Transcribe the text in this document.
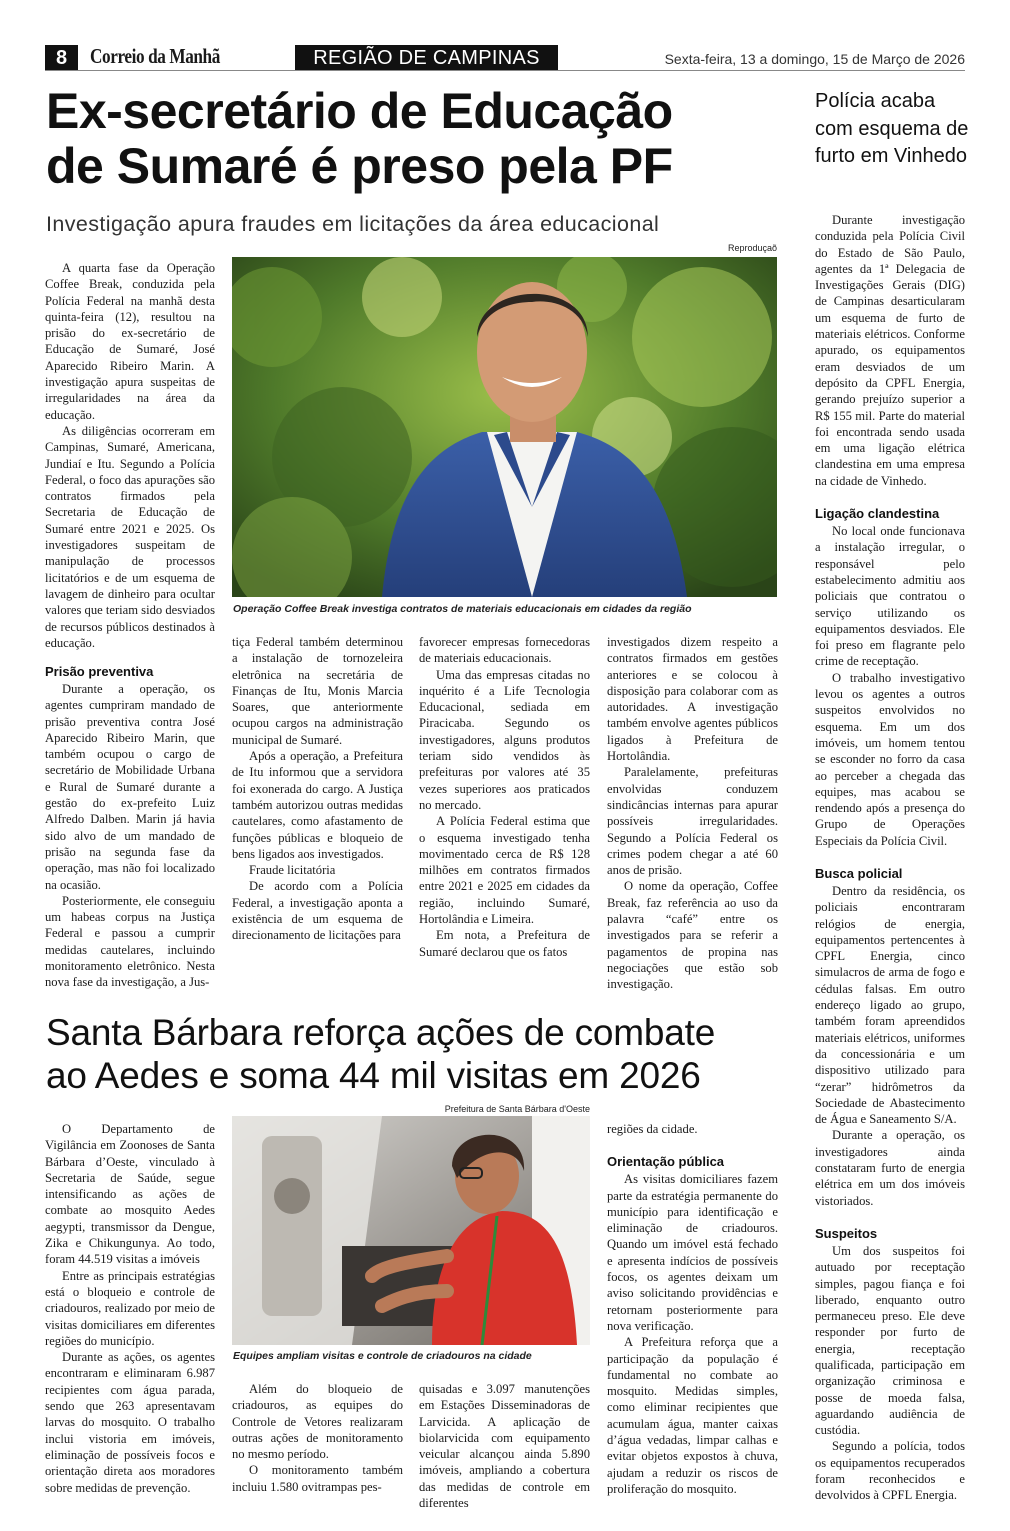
8	Correio da Manhã	REGIÃO DE CAMPINAS	Sexta-feira, 13 a domingo, 15 de Março de 2026
Ex-secretário de Educação
de Sumaré é preso pela PF
Investigação apura fraudes em licitações da área educacional
Reproduçaõ
Operação Coffee Break investiga contratos de materiais educacionais em cidades da região

A quarta fase da Operação Coffee Break, conduzida pela Polícia Federal na manhã desta quinta-feira (12), resultou na prisão do ex-secretário de Educação de Sumaré, José Aparecido Ribeiro Marin. A investigação apura suspeitas de irregularidades na área da educação.

As diligências ocorreram em Campinas, Sumaré, Americana, Jundiaí e Itu. Segundo a Polícia Federal, o foco das apurações são contratos firmados pela Secretaria de Educação de Sumaré entre 2021 e 2025. Os investigadores suspeitam de manipulação de processos licitatórios e de um esquema de lavagem de dinheiro para ocultar valores que teriam sido desviados de recursos públicos destinados à educação.

Prisão preventiva

Durante a operação, os agentes cumpriram mandado de prisão preventiva contra José Aparecido Ribeiro Marin, que também ocupou o cargo de secretário de Mobilidade Urbana e Rural de Sumaré durante a gestão do ex-prefeito Luiz Alfredo Dalben. Marin já havia sido alvo de um mandado de prisão na segunda fase da operação, mas não foi localizado na ocasião.

Posteriormente, ele conseguiu um habeas corpus na Justiça Federal e passou a cumprir medidas cautelares, incluindo monitoramento eletrônico. Nesta nova fase da investigação, a Jus-

tiça Federal também determinou a instalação de tornozeleira eletrônica na secretária de Finanças de Itu, Monis Marcia Soares, que anteriormente ocupou cargos na administração municipal de Sumaré.

Após a operação, a Prefeitura de Itu informou que a servidora foi exonerada do cargo. A Justiça também autorizou outras medidas cautelares, como afastamento de funções públicas e bloqueio de bens ligados aos investigados.

Fraude licitatória

De acordo com a Polícia Federal, a investigação aponta a existência de um esquema de direcionamento de licitações para

favorecer empresas fornecedoras de materiais educacionais.

Uma das empresas citadas no inquérito é a Life Tecnologia Educacional, sediada em Piracicaba. Segundo os investigadores, alguns produtos teriam sido vendidos às prefeituras por valores até 35 vezes superiores aos praticados no mercado.

A Polícia Federal estima que o esquema investigado tenha movimentado cerca de R$ 128 milhões em contratos firmados entre 2021 e 2025 em cidades da região, incluindo Sumaré, Hortolândia e Limeira.

Em nota, a Prefeitura de Sumaré declarou que os fatos

investigados dizem respeito a contratos firmados em gestões anteriores e se colocou à disposição para colaborar com as autoridades. A investigação também envolve agentes públicos ligados à Prefeitura de Hortolândia.

Paralelamente, prefeituras envolvidas conduzem sindicâncias internas para apurar possíveis irregularidades. Segundo a Polícia Federal os crimes podem chegar a até 60 anos de prisão.

O nome da operação, Coffee Break, faz referência ao uso da palavra “café” entre os investigados para se referir a pagamentos de propina nas negociações que estão sob investigação.

Polícia acaba com esquema de furto em Vinhedo

Durante investigação conduzida pela Polícia Civil do Estado de São Paulo, agentes da 1ª Delegacia de Investigações Gerais (DIG) de Campinas desarticularam um esquema de furto de materiais elétricos. Conforme apurado, os equipamentos eram desviados de um depósito da CPFL Energia, gerando prejuízo superior a R$ 155 mil. Parte do material foi encontrada sendo usada em uma ligação elétrica clandestina em uma empresa na cidade de Vinhedo.

Ligação clandestina

No local onde funcionava a instalação irregular, o responsável pelo estabelecimento admitiu aos policiais que contratou o serviço utilizando os equipamentos desviados. Ele foi preso em flagrante pelo crime de receptação.

O trabalho investigativo levou os agentes a outros suspeitos envolvidos no esquema. Em um dos imóveis, um homem tentou se esconder no forro da casa ao perceber a chegada das equipes, mas acabou se rendendo após a presença do Grupo de Operações Especiais da Polícia Civil.

Busca policial

Dentro da residência, os policiais encontraram relógios de energia, equipamentos pertencentes à CPFL Energia, cinco simulacros de arma de fogo e cédulas falsas. Em outro endereço ligado ao grupo, também foram apreendidos materiais elétricos, uniformes da concessionária e um dispositivo utilizado para “zerar” hidrômetros da Sociedade de Abastecimento de Água e Saneamento S/A.

Durante a operação, os investigadores ainda constataram furto de energia elétrica em um dos imóveis vistoriados.

Suspeitos

Um dos suspeitos foi autuado por receptação simples, pagou fiança e foi liberado, enquanto outro permaneceu preso. Ele deve responder por furto de energia, receptação qualificada, participação em organização criminosa e posse de moeda falsa, aguardando audiência de custódia.

Segundo a polícia, todos os equipamentos recuperados foram reconhecidos e devolvidos à CPFL Energia.

Santa Bárbara reforça ações de combate
ao Aedes e soma 44 mil visitas em 2026
Prefeitura de Santa Bárbara d'Oeste
Equipes ampliam visitas e controle de criadouros na cidade

O Departamento de Vigilância em Zoonoses de Santa Bárbara d’Oeste, vinculado à Secretaria de Saúde, segue intensificando as ações de combate ao mosquito Aedes aegypti, transmissor da Dengue, Zika e Chikungunya. Ao todo, foram 44.519 visitas a imóveis

Entre as principais estratégias está o bloqueio e controle de criadouros, realizado por meio de visitas domiciliares em diferentes regiões do município.

Durante as ações, os agentes encontraram e eliminaram 6.987 recipientes com água parada, sendo que 263 apresentavam larvas do mosquito. O trabalho inclui vistoria em imóveis, eliminação de possíveis focos e orientação direta aos moradores sobre medidas de prevenção.

Além do bloqueio de criadouros, as equipes do Controle de Vetores realizaram outras ações de monitoramento no mesmo período.

O monitoramento também incluiu 1.580 ovitrampas pes-

quisadas e 3.097 manutenções em Estações Disseminadoras de Larvicida. A aplicação de biolarvicida com equipamento veicular alcançou ainda 5.890 imóveis, ampliando a cobertura das medidas de controle em diferentes

regiões da cidade.

Orientação pública

As visitas domiciliares fazem parte da estratégia permanente do município para identificação e eliminação de criadouros. Quando um imóvel está fechado e apresenta indícios de possíveis focos, os agentes deixam um aviso solicitando providências e retornam posteriormente para nova verificação.

A Prefeitura reforça que a participação da população é fundamental no combate ao mosquito. Medidas simples, como eliminar recipientes que acumulam água, manter caixas d’água vedadas, limpar calhas e evitar objetos expostos à chuva, ajudam a reduzir os riscos de proliferação do mosquito.
